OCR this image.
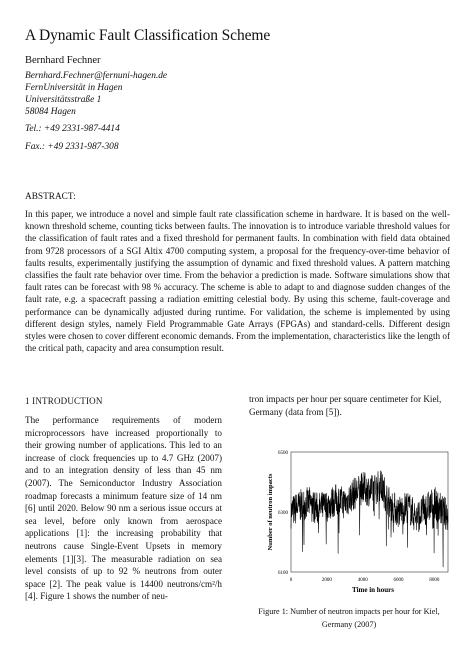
A Dynamic Fault Classification Scheme
Bernhard Fechner
Bernhard.Fechner@fernuni-hagen.de
FernUniversität in Hagen
Universitätsstraße 1
58084 Hagen
Tel.: +49 2331-987-4414
Fax.: +49 2331-987-308
ABSTRACT:
In this paper, we introduce a novel and simple fault rate classification scheme in hardware. It is based on the well-known threshold scheme, counting ticks between faults. The innovation is to introduce variable threshold values for the classification of fault rates and a fixed threshold for permanent faults. In combination with field data obtained from 9728 processors of a SGI Altix 4700 computing system, a proposal for the frequency-over-time behavior of faults results, experimentally justifying the assumption of dynamic and fixed threshold values. A pattern matching classifies the fault rate behavior over time. From the behavior a prediction is made. Software simulations show that fault rates can be forecast with 98 % accuracy. The scheme is able to adapt to and diagnose sudden changes of the fault rate, e.g. a spacecraft passing a radiation emitting celestial body. By using this scheme, fault-coverage and performance can be dynamically adjusted during runtime. For validation, the scheme is implemented by using different design styles, namely Field Programmable Gate Arrays (FPGAs) and standard-cells. Different design styles were chosen to cover different economic demands. From the implementation, characteristics like the length of the critical path, capacity and area consumption result.
1 INTRODUCTION
The performance requirements of modern microprocessors have increased proportionally to their growing number of applications. This led to an increase of clock frequencies up to 4.7 GHz (2007) and to an integration density of less than 45 nm (2007). The Semiconductor Industry Association roadmap forecasts a minimum feature size of 14 nm [6] until 2020. Below 90 nm a serious issue occurs at sea level, before only known from aerospace applications [1]: the increasing probability that neutrons cause Single-Event Upsets in memory elements [1][3]. The measurable radiation on sea level consists of up to 92 % neutrons from outer space [2]. The peak value is 14400 neutrons/cm²/h [4]. Figure 1 shows the number of neu-
tron impacts per hour per square centimeter for Kiel, Germany (data from [5]).
6500
6300
6100
0	2000	4000	6000	8000
Time in hours
Number of neutron impacts
Figure 1: Number of neutron impacts per hour for Kiel, Germany (2007)
